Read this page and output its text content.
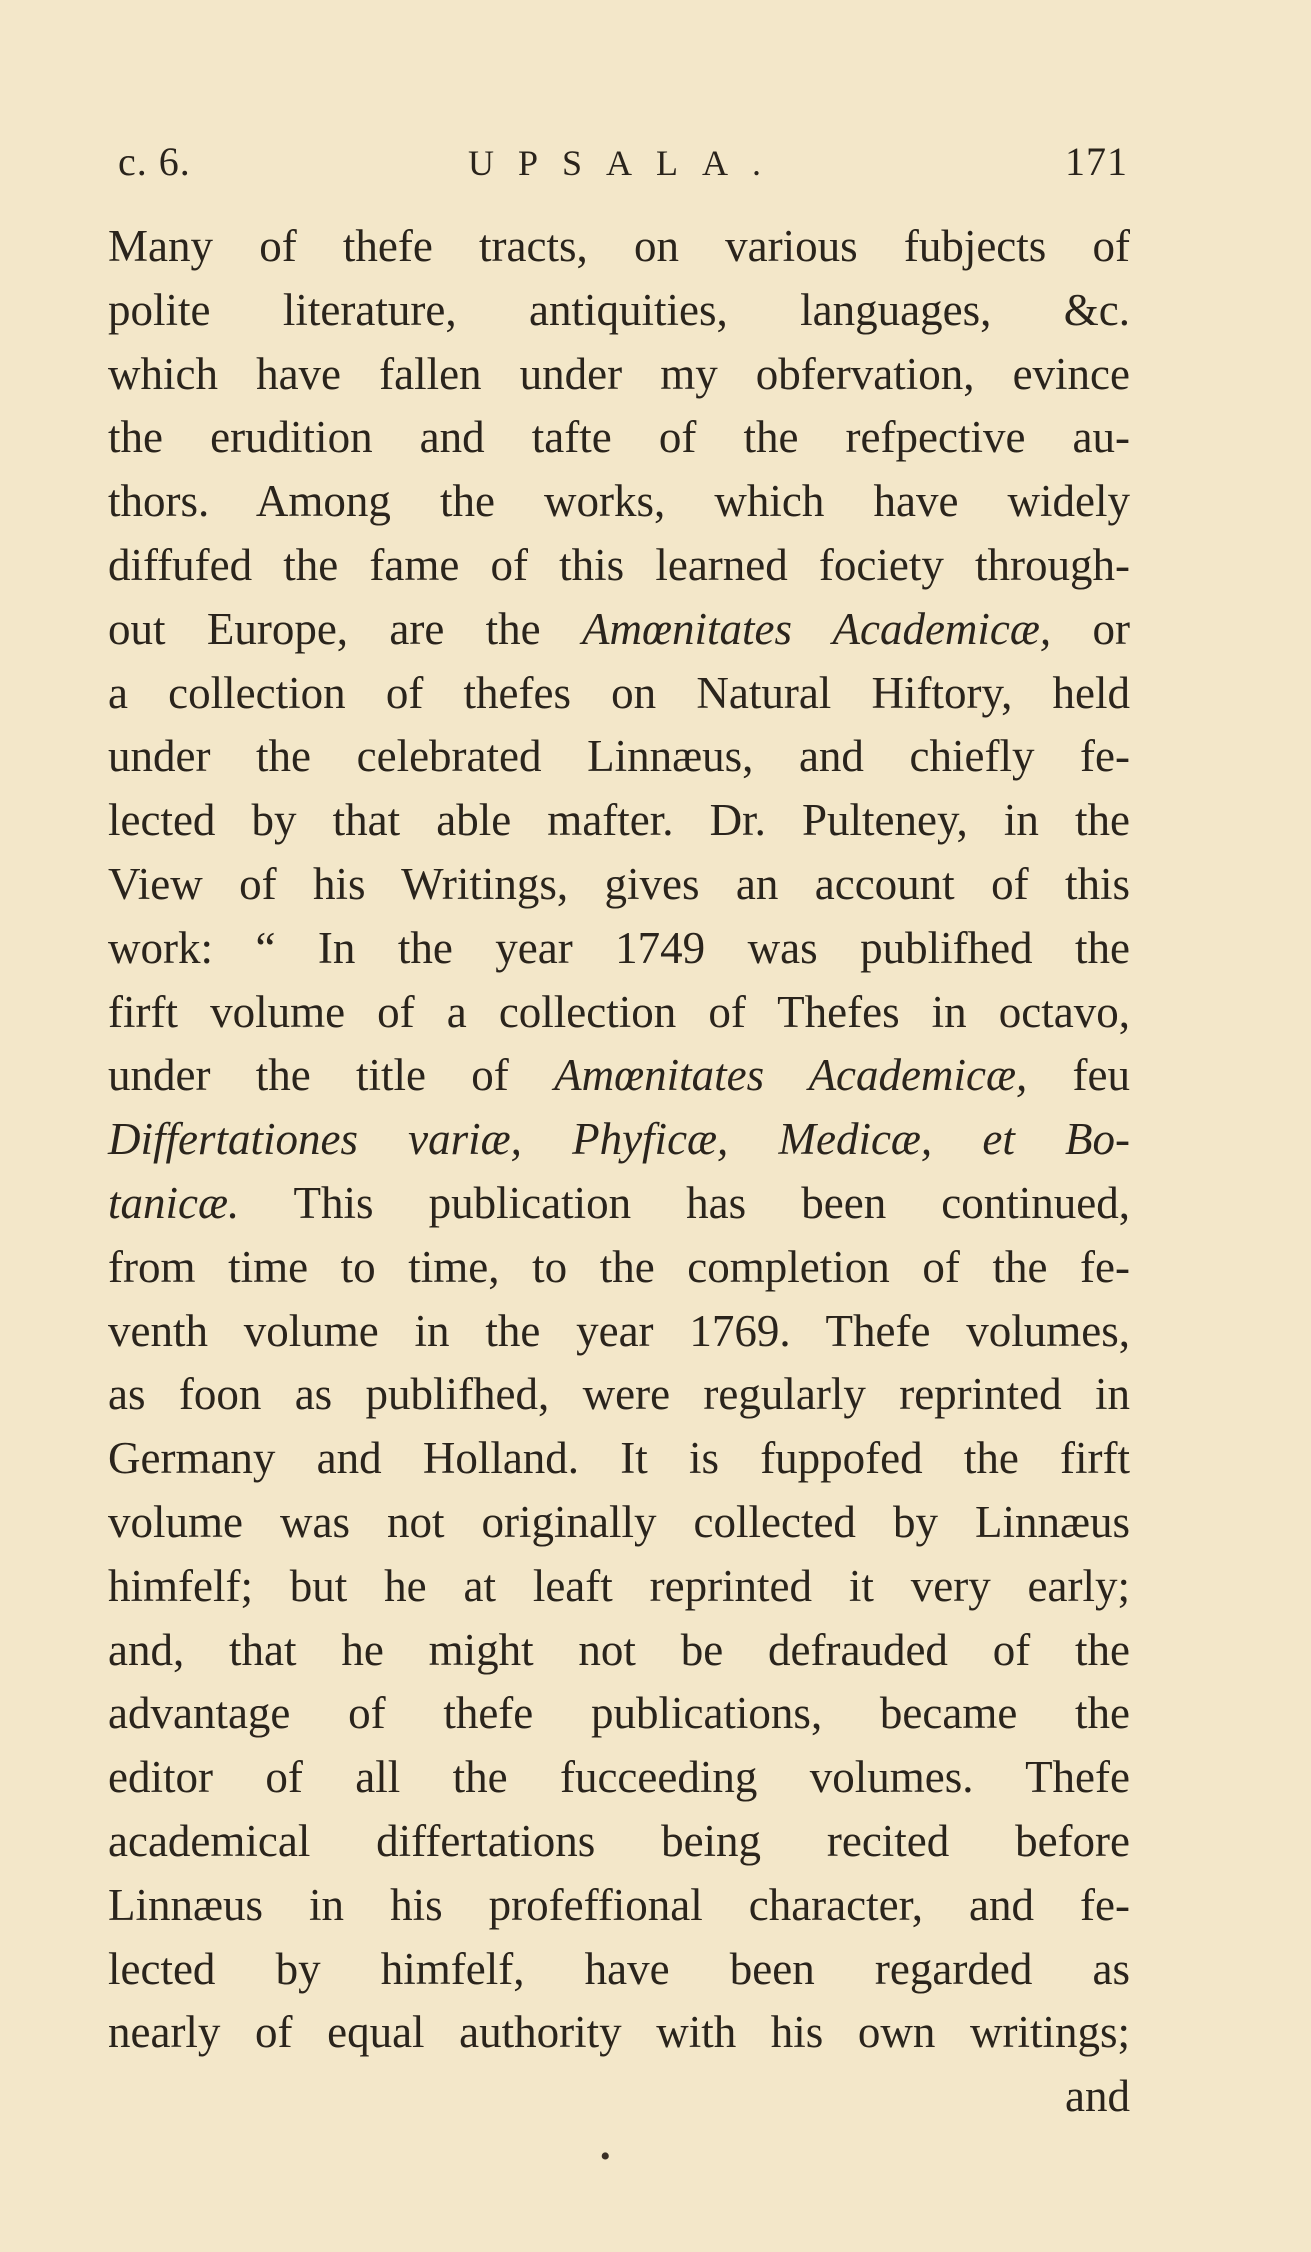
c. 6.	UPSALA.	171
Many of thefe tracts, on various fubjects of
polite literature, antiquities, languages, &c.
which have fallen under my obfervation, evince
the erudition and tafte of the refpective au-
thors. Among the works, which have widely
diffufed the fame of this learned fociety through-
out Europe, are the Amœnitates Academicæ, or
a collection of thefes on Natural Hiftory, held
under the celebrated Linnæus, and chiefly fe-
lected by that able mafter. Dr. Pulteney, in the
View of his Writings, gives an account of this
work: “ In the year 1749 was publifhed the
firft volume of a collection of Thefes in octavo,
under the title of Amœnitates Academicæ, feu
Differtationes variæ, Phyficæ, Medicæ, et Bo-
tanicæ. This publication has been continued,
from time to time, to the completion of the fe-
venth volume in the year 1769. Thefe volumes,
as foon as publifhed, were regularly reprinted in
Germany and Holland. It is fuppofed the firft
volume was not originally collected by Linnæus
himfelf; but he at leaft reprinted it very early;
and, that he might not be defrauded of the
advantage of thefe publications, became the
editor of all the fucceeding volumes. Thefe
academical differtations being recited before
Linnæus in his profeffional character, and fe-
lected by himfelf, have been regarded as
nearly of equal authority with his own writings;
and
•
